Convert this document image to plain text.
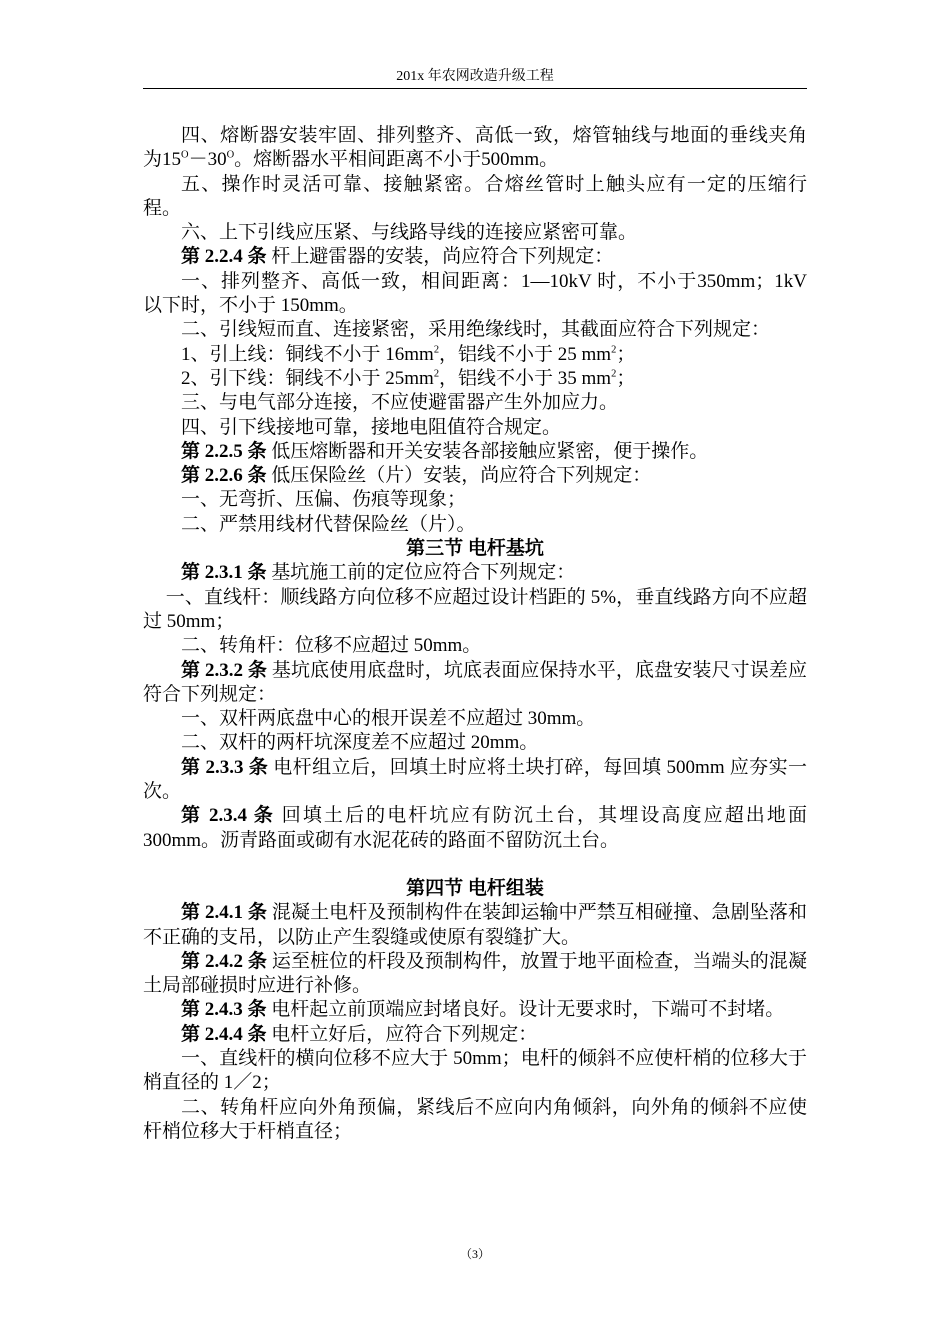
201x 年农网改造升级工程

四、熔断器安装牢固、排列整齐、高低一致，熔管轴线与地面的垂线夹角为$15^O-30^O$。熔断器水平相间距离不小于500mm。

五、操作时灵活可靠、接触紧密。合熔丝管时上触头应有一定的压缩行程。

六、上下引线应压紧、与线路导线的连接应紧密可靠。

第 2.2.4 条 杆上避雷器的安装，尚应符合下列规定：

一、排列整齐、高低一致，相间距离：1—10kV 时，不小于350mm；1kV 以下时，不小于 150mm。

二、引线短而直、连接紧密，采用绝缘线时，其截面应符合下列规定：

1、引上线：铜线不小于 $16mm^2$，铝线不小于 25 $mm^2$；

2、引下线：铜线不小于 $25mm^2$，铝线不小于 35 $mm^2$；

三、与电气部分连接，不应使避雷器产生外加应力。

四、引下线接地可靠，接地电阻值符合规定。

第 2.2.5 条 低压熔断器和开关安装各部接触应紧密，便于操作。

第 2.2.6 条 低压保险丝（片）安装，尚应符合下列规定：

一、无弯折、压偏、伤痕等现象；

二、严禁用线材代替保险丝（片）。

第三节 电杆基坑

第 2.3.1 条 基坑施工前的定位应符合下列规定：

一、直线杆：顺线路方向位移不应超过设计档距的 5%，垂直线路方向不应超过 50mm；

二、转角杆：位移不应超过 50mm。

第 2.3.2 条 基坑底使用底盘时，坑底表面应保持水平，底盘安装尺寸误差应符合下列规定：

一、双杆两底盘中心的根开误差不应超过 30mm。

二、双杆的两杆坑深度差不应超过 20mm。

第 2.3.3 条 电杆组立后，回填土时应将土块打碎，每回填 500mm 应夯实一次。

第 2.3.4 条 回填土后的电杆坑应有防沉土台，其埋设高度应超出地面 300mm。沥青路面或砌有水泥花砖的路面不留防沉土台。

第四节 电杆组装

第 2.4.1 条 混凝土电杆及预制构件在装卸运输中严禁互相碰撞、急剧坠落和不正确的支吊，以防止产生裂缝或使原有裂缝扩大。

第 2.4.2 条 运至桩位的杆段及预制构件，放置于地平面检查，当端头的混凝土局部碰损时应进行补修。

第 2.4.3 条 电杆起立前顶端应封堵良好。设计无要求时，下端可不封堵。

第 2.4.4 条 电杆立好后，应符合下列规定：

一、直线杆的横向位移不应大于 50mm；电杆的倾斜不应使杆梢的位移大于梢直径的 1／2；

二、转角杆应向外角预偏，紧线后不应向内角倾斜，向外角的倾斜不应使杆梢位移大于杆梢直径；

（3）
